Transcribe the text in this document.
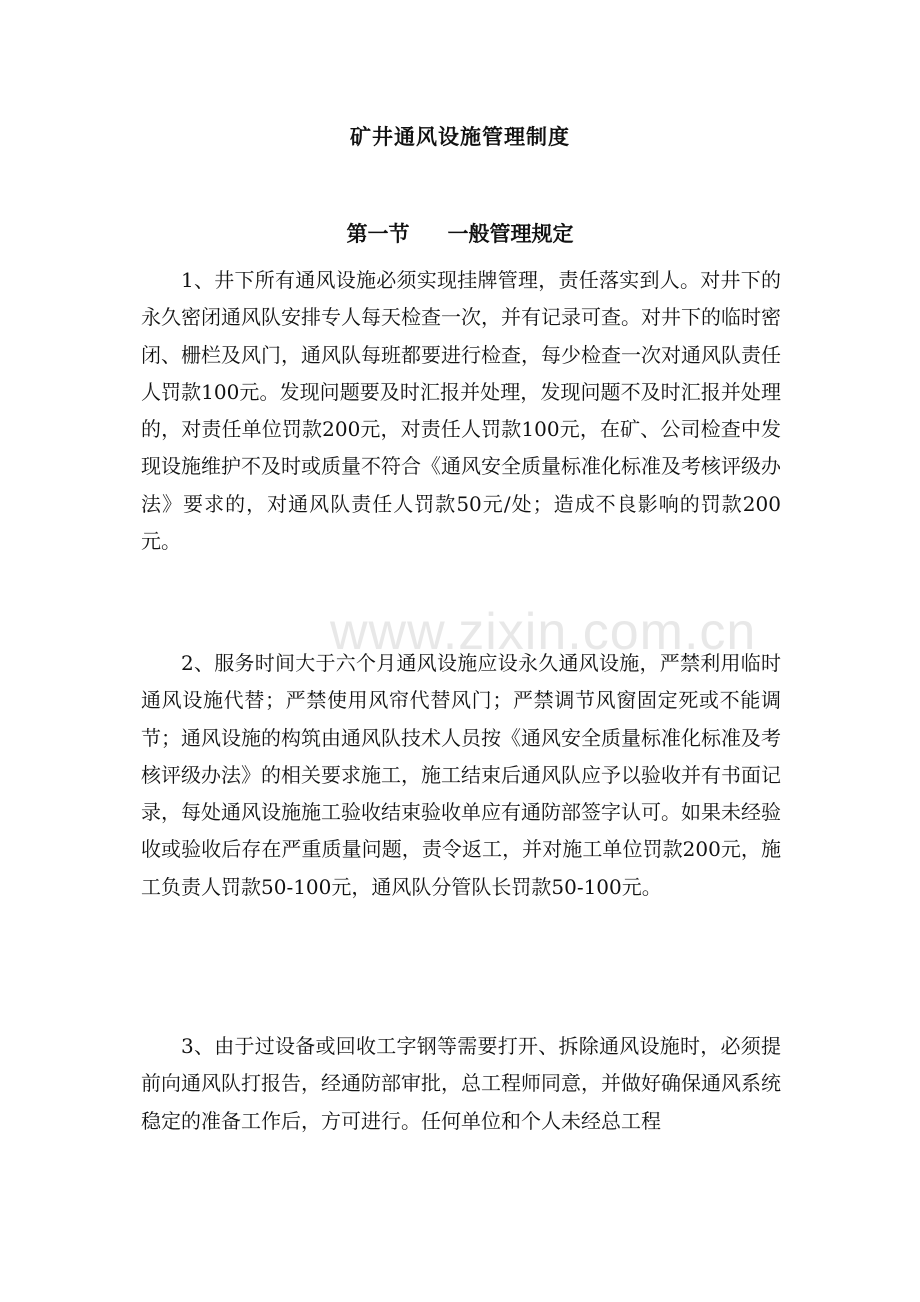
矿井通风设施管理制度
第一节 一般管理规定

1、井下所有通风设施必须实现挂牌管理，责任落实到人。对井下的永久密闭通风队安排专人每天检查一次，并有记录可查。对井下的临时密闭、栅栏及风门，通风队每班都要进行检查，每少检查一次对通风队责任人罚款100元。发现问题要及时汇报并处理，发现问题不及时汇报并处理的，对责任单位罚款200元，对责任人罚款100元，在矿、公司检查中发现设施维护不及时或质量不符合《通风安全质量标准化标准及考核评级办法》要求的，对通风队责任人罚款50元/处；造成不良影响的罚款200元。

2、服务时间大于六个月通风设施应设永久通风设施，严禁利用临时通风设施代替；严禁使用风帘代替风门；严禁调节风窗固定死或不能调节；通风设施的构筑由通风队技术人员按《通风安全质量标准化标准及考核评级办法》的相关要求施工，施工结束后通风队应予以验收并有书面记录，每处通风设施施工验收结束验收单应有通防部签字认可。如果未经验收或验收后存在严重质量问题，责令返工，并对施工单位罚款200元，施工负责人罚款50-100元，通风队分管队长罚款50-100元。

3、由于过设备或回收工字钢等需要打开、拆除通风设施时，必须提前向通风队打报告，经通防部审批，总工程师同意，并做好确保通风系统稳定的准备工作后，方可进行。任何单位和个人未经总工程

www.zixin.com.cn
